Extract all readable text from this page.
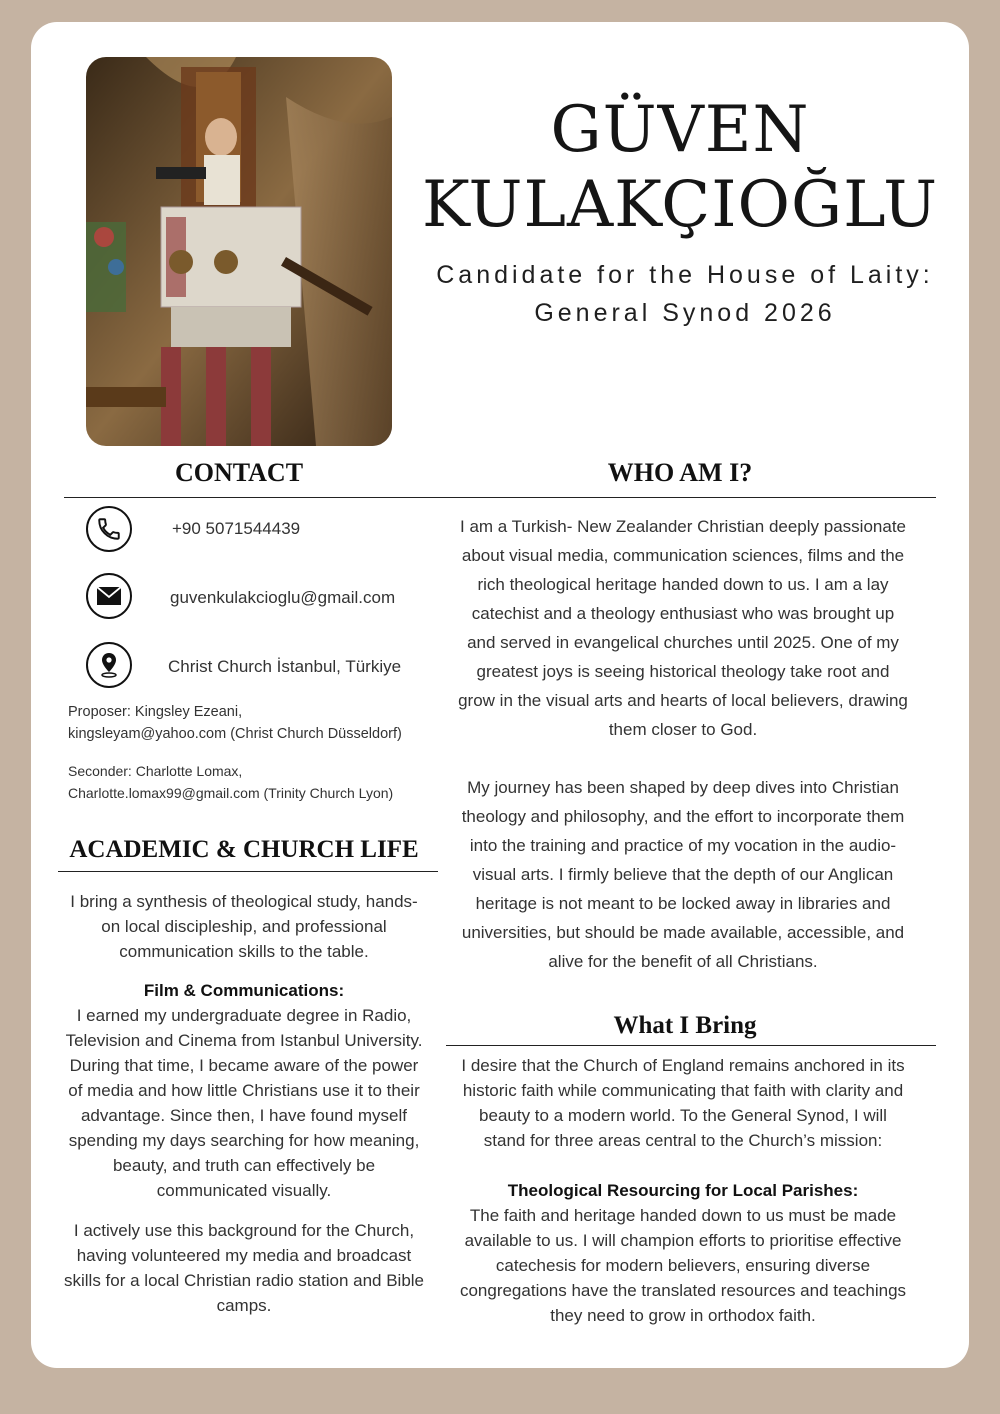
GÜVEN
KULAKÇIOĞLU
Candidate for the House of Laity:
General Synod 2026
CONTACT	WHO AM I?
+90 5071544439
guvenkulakcioglu@gmail.com
Christ Church İstanbul, Türkiye
Proposer: Kingsley Ezeani,
kingsleyam@yahoo.com (Christ Church Düsseldorf)
Seconder: Charlotte Lomax,
Charlotte.lomax99@gmail.com (Trinity Church Lyon)
ACADEMIC & CHURCH LIFE

I bring a synthesis of theological study, hands-on local discipleship, and professional communication skills to the table.

Film & Communications:

I earned my undergraduate degree in Radio, Television and Cinema from Istanbul University. During that time, I became aware of the power of media and how little Christians use it to their advantage. Since then, I have found myself spending my days searching for how meaning, beauty, and truth can effectively be communicated visually.

I actively use this background for the Church, having volunteered my media and broadcast skills for a local Christian radio station and Bible camps.

I am a Turkish- New Zealander Christian deeply passionate about visual media, communication sciences, films and the rich theological heritage handed down to us. I am a lay catechist and a theology enthusiast who was brought up and served in evangelical churches until 2025. One of my greatest joys is seeing historical theology take root and grow in the visual arts and hearts of local believers, drawing them closer to God.

My journey has been shaped by deep dives into Christian theology and philosophy, and the effort to incorporate them into the training and practice of my vocation in the audio-visual arts. I firmly believe that the depth of our Anglican heritage is not meant to be locked away in libraries and universities, but should be made available, accessible, and alive for the benefit of all Christians.

What I Bring

I desire that the Church of England remains anchored in its historic faith while communicating that faith with clarity and beauty to a modern world. To the General Synod, I will stand for three areas central to the Church’s mission:

Theological Resourcing for Local Parishes:

The faith and heritage handed down to us must be made available to us. I will champion efforts to prioritise effective catechesis for modern believers, ensuring diverse congregations have the translated resources and teachings they need to grow in orthodox faith.
